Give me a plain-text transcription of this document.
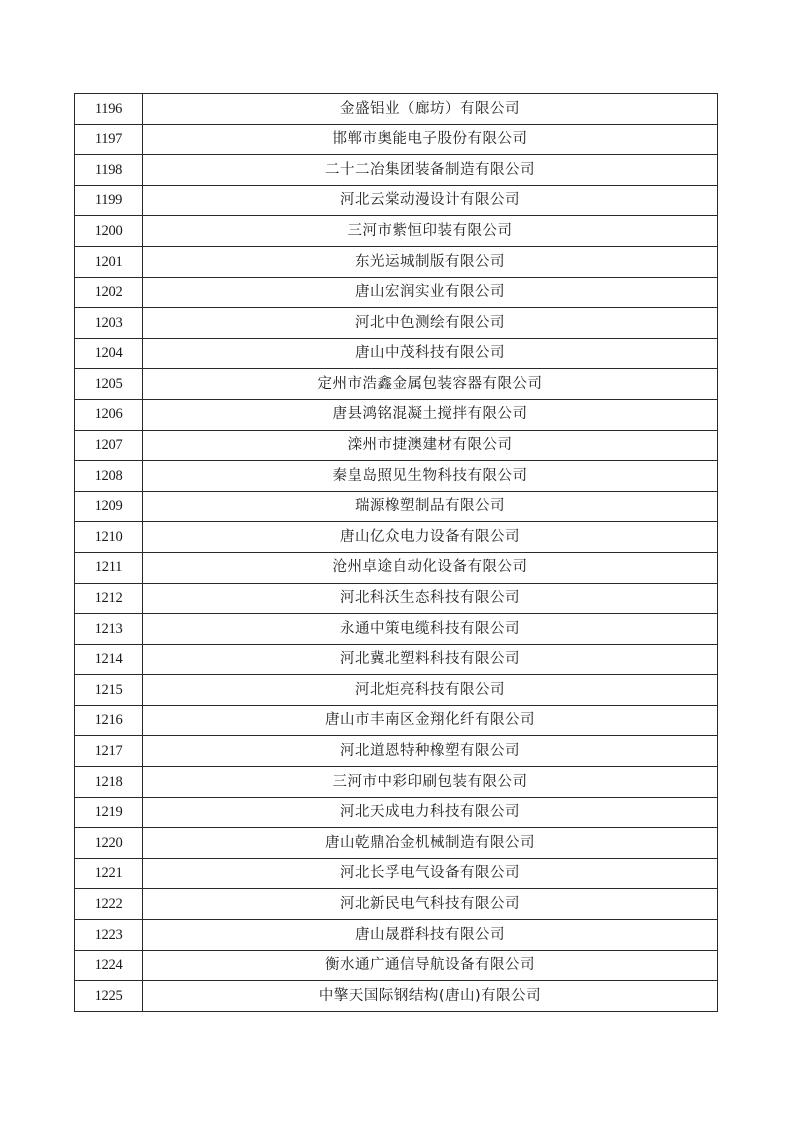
1196	金盛铝业（廊坊）有限公司
1197	邯郸市奥能电子股份有限公司
1198	二十二冶集团装备制造有限公司
1199	河北云棠动漫设计有限公司
1200	三河市紫恒印装有限公司
1201	东光运城制版有限公司
1202	唐山宏润实业有限公司
1203	河北中色测绘有限公司
1204	唐山中茂科技有限公司
1205	定州市浩鑫金属包装容器有限公司
1206	唐县鸿铭混凝土搅拌有限公司
1207	滦州市捷澳建材有限公司
1208	秦皇岛照见生物科技有限公司
1209	瑞源橡塑制品有限公司
1210	唐山亿众电力设备有限公司
1211	沧州卓途自动化设备有限公司
1212	河北科沃生态科技有限公司
1213	永通中策电缆科技有限公司
1214	河北冀北塑料科技有限公司
1215	河北炬亮科技有限公司
1216	唐山市丰南区金翔化纤有限公司
1217	河北道恩特种橡塑有限公司
1218	三河市中彩印刷包装有限公司
1219	河北天成电力科技有限公司
1220	唐山乾鼎冶金机械制造有限公司
1221	河北长孚电气设备有限公司
1222	河北新民电气科技有限公司
1223	唐山晟群科技有限公司
1224	衡水通广通信导航设备有限公司
1225	中擎天国际钢结构(唐山)有限公司
